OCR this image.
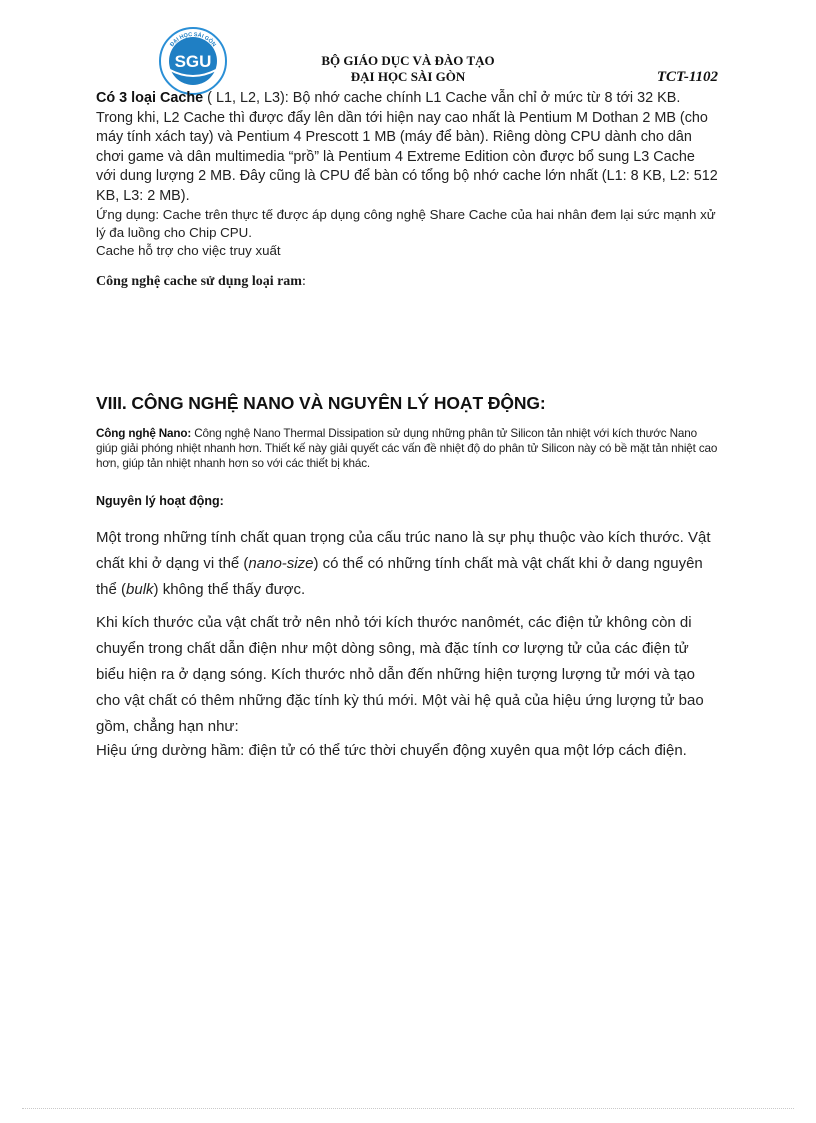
ĐẠI HỌC SÀI GÒN
SGU	BỘ GIÁO DỤC VÀ ĐÀO TẠO
ĐẠI HỌC SÀI GÒN	TCT-1102
Có 3 loại Cache ( L1, L2, L3): Bộ nhớ cache chính L1 Cache vẫn chỉ ở mức từ 8 tới 32 KB. Trong khi, L2 Cache thì được đẩy lên dần tới hiện nay cao nhất là Pentium M Dothan 2 MB (cho máy tính xách tay) và Pentium 4 Prescott 1 MB (máy để bàn). Riêng dòng CPU dành cho dân chơi game và dân multimedia “prồ” là Pentium 4 Extreme Edition còn được bổ sung L3 Cache với dung lượng 2 MB. Đây cũng là CPU để bàn có tổng bộ nhớ cache lớn nhất (L1: 8 KB, L2: 512 KB, L3: 2 MB).
Ứng dụng: Cache trên thực tế được áp dụng công nghệ Share Cache của hai nhân đem lại sức mạnh xử lý đa luồng cho Chip CPU.
Cache hỗ trợ cho việc truy xuất
Công nghệ cache sử dụng loại ram:
VIII. CÔNG NGHỆ NANO VÀ NGUYÊN LÝ HOẠT ĐỘNG:
Công nghệ Nano: Công nghệ Nano Thermal Dissipation sử dụng những phân tử Silicon tản nhiệt với kích thước Nano giúp giải phóng nhiệt nhanh hơn. Thiết kế này giải quyết các vấn đề nhiệt độ do phân tử Silicon này có bề mặt tản nhiệt cao hơn, giúp tản nhiệt nhanh hơn so với các thiết bị khác.
Nguyên lý hoạt động:
Một trong những tính chất quan trọng của cấu trúc nano là sự phụ thuộc vào kích thước. Vật chất khi ở dạng vi thể (nano-size) có thể có những tính chất mà vật chất khi ở dang nguyên thể (bulk) không thể thấy được.
Khi kích thước của vật chất trở nên nhỏ tới kích thước nanômét, các điện tử không còn di chuyển trong chất dẫn điện như một dòng sông, mà đặc tính cơ lượng tử của các điện tử biểu hiện ra ở dạng sóng. Kích thước nhỏ dẫn đến những hiện tượng lượng tử mới và tạo cho vật chất có thêm những đặc tính kỳ thú mới. Một vài hệ quả của hiệu ứng lượng tử bao gồm, chẳng hạn như:
Hiệu ứng dường hầm: điện tử có thể tức thời chuyển động xuyên qua một lớp cách điện.
